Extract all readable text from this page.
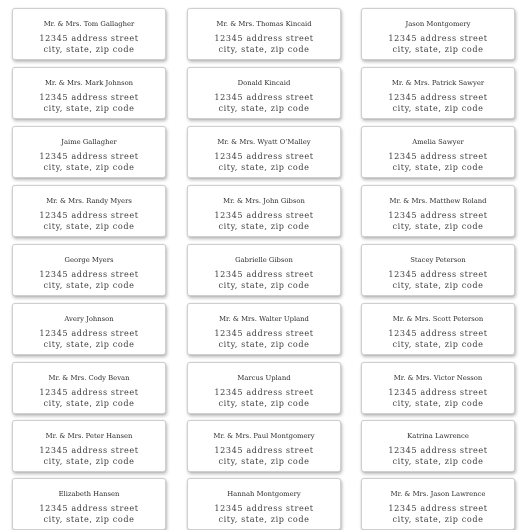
Mr. & Mrs. Tom Gallagher
12345 address street
city, state, zip code
Mr. & Mrs. Thomas Kincaid
12345 address street
city, state, zip code
Jason Montgomery
12345 address street
city, state, zip code
Mr. & Mrs. Mark Johnson
12345 address street
city, state, zip code
Donald Kincaid
12345 address street
city, state, zip code
Mr. & Mrs. Patrick Sawyer
12345 address street
city, state, zip code
Jaime Gallagher
12345 address street
city, state, zip code
Mr. & Mrs. Wyatt O’Malley
12345 address street
city, state, zip code
Amelia Sawyer
12345 address street
city, state, zip code
Mr. & Mrs. Randy Myers
12345 address street
city, state, zip code
Mr. & Mrs. John Gibson
12345 address street
city, state, zip code
Mr. & Mrs. Matthew Roland
12345 address street
city, state, zip code
George Myers
12345 address street
city, state, zip code
Gabrielle Gibson
12345 address street
city, state, zip code
Stacey Peterson
12345 address street
city, state, zip code
Avery Johnson
12345 address street
city, state, zip code
Mr. & Mrs. Walter Upland
12345 address street
city, state, zip code
Mr. & Mrs. Scott Peterson
12345 address street
city, state, zip code
Mr. & Mrs. Cody Bevan
12345 address street
city, state, zip code
Marcus Upland
12345 address street
city, state, zip code
Mr. & Mrs. Victor Nesson
12345 address street
city, state, zip code
Mr. & Mrs. Peter Hansen
12345 address street
city, state, zip code
Mr. & Mrs. Paul Montgomery
12345 address street
city, state, zip code
Katrina Lawrence
12345 address street
city, state, zip code
Elizabeth Hansen
12345 address street
city, state, zip code
Hannah Montgomery
12345 address street
city, state, zip code
Mr. & Mrs. Jason Lawrence
12345 address street
city, state, zip code
